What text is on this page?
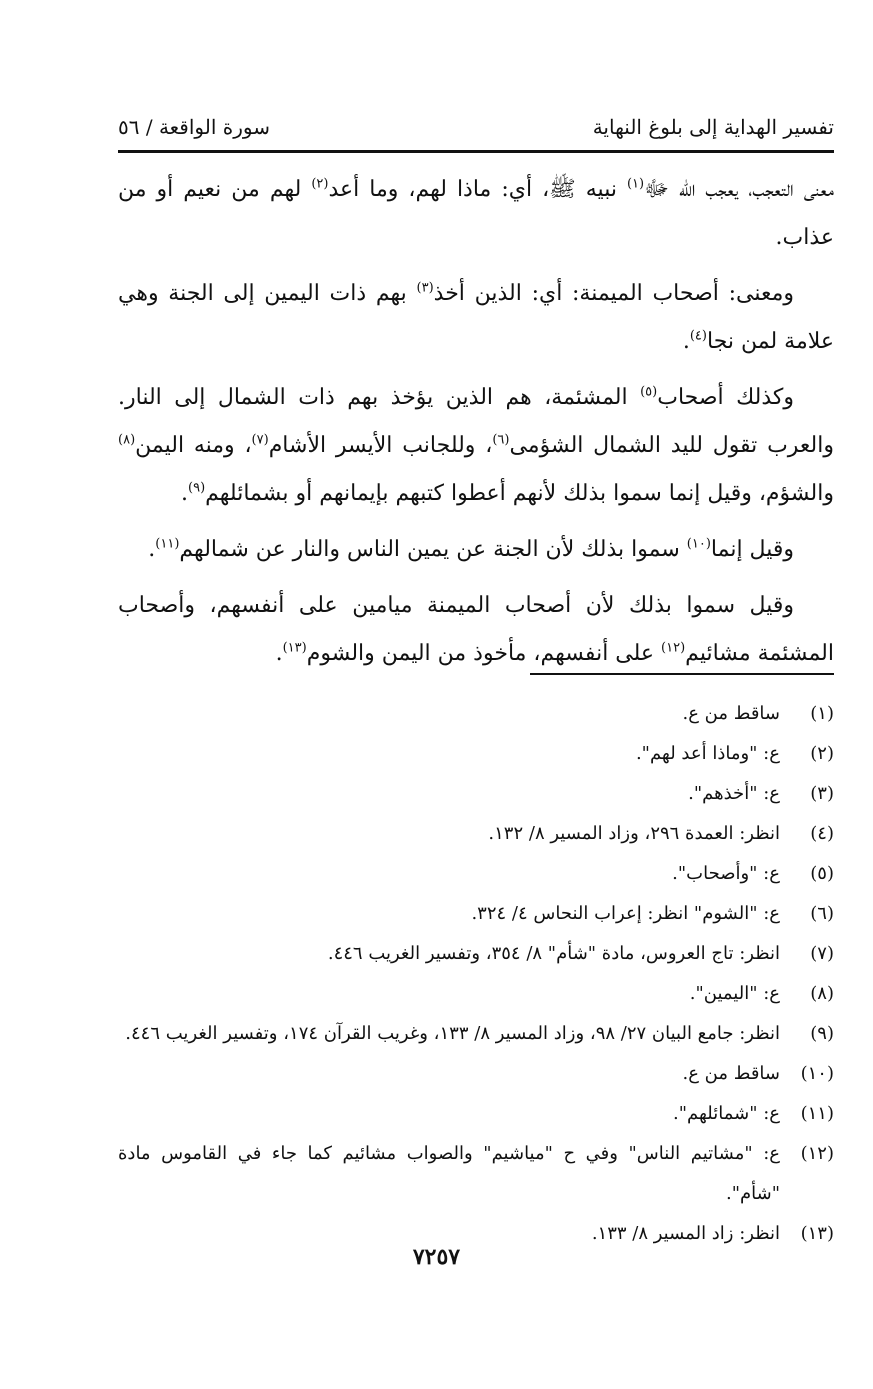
تفسير الهداية إلى بلوغ النهاية
سورة الواقعة / ٥٦

معنى التعجب، يعجب الله ﷻ$^{(١)}$ نبيه ﷺ، أي: ماذا لهم، وما أعد$^{(٢)}$ لهم من نعيم أو من عذاب.

ومعنى: أصحاب الميمنة: أي: الذين أخذ$^{(٣)}$ بهم ذات اليمين إلى الجنة وهي علامة لمن نجا$^{(٤)}$.

وكذلك أصحاب$^{(٥)}$ المشئمة، هم الذين يؤخذ بهم ذات الشمال إلى النار. والعرب تقول لليد الشمال الشؤمى$^{(٦)}$، وللجانب الأيسر الأشام$^{(٧)}$، ومنه اليمن$^{(٨)}$ والشؤم، وقيل إنما سموا بذلك لأنهم أعطوا كتبهم بإيمانهم أو بشمائلهم$^{(٩)}$.

وقيل إنما$^{(١٠)}$ سموا بذلك لأن الجنة عن يمين الناس والنار عن شمالهم$^{(١١)}$.

وقيل سموا بذلك لأن أصحاب الميمنة ميامين على أنفسهم، وأصحاب المشئمة مشائيم$^{(١٢)}$ على أنفسهم، مأخوذ من اليمن والشوم$^{(١٣)}$.

(١)
ساقط من ع.
(٢)
ع: "وماذا أعد لهم".
(٣)
ع: "أخذهم".
(٤)
انظر: العمدة ٢٩٦، وزاد المسير ٨/ ١٣٢.
(٥)
ع: "وأصحاب".
(٦)
ع: "الشوم" انظر: إعراب النحاس ٤/ ٣٢٤.
(٧)
انظر: تاج العروس، مادة "شأم" ٨/ ٣٥٤، وتفسير الغريب ٤٤٦.
(٨)
ع: "اليمين".
(٩)
انظر: جامع البيان ٢٧/ ٩٨، وزاد المسير ٨/ ١٣٣، وغريب القرآن ١٧٤، وتفسير الغريب ٤٤٦.
(١٠)
ساقط من ع.
(١١)
ع: "شمائلهم".
(١٢)
ع: "مشاتيم الناس" وفي ح "مياشيم" والصواب مشائيم كما جاء في القاموس مادة "شأم".
(١٣)
انظر: زاد المسير ٨/ ١٣٣.
٧٢٥٧
